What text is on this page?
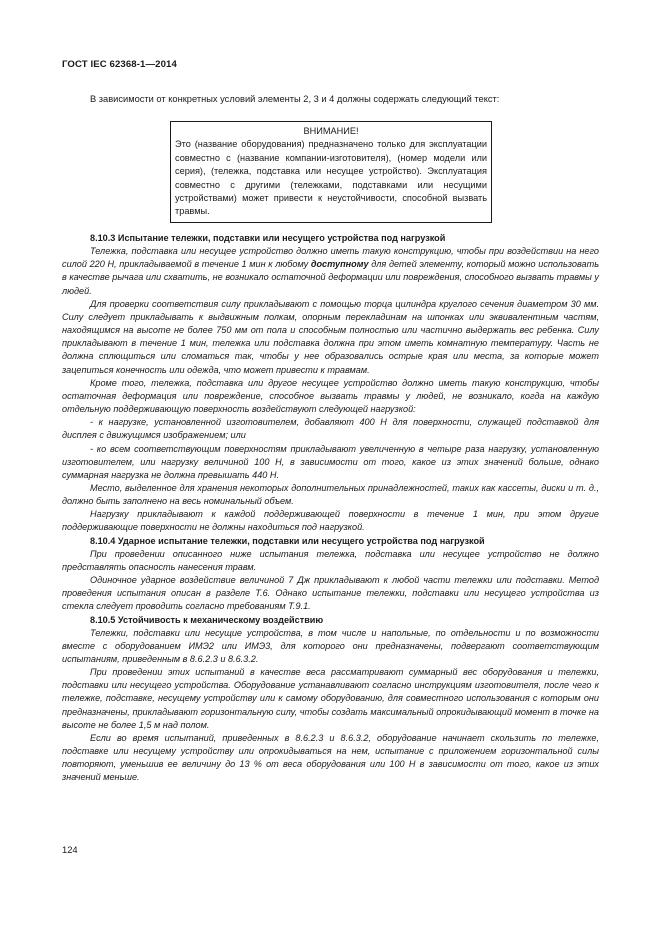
ГОСТ IEC 62368-1—2014
В зависимости от конкретных условий элементы 2, 3 и 4 должны содержать следующий текст:
ВНИМАНИЕ!
Это (название оборудования) предназначено только для эксплуатации совместно с (название компании-изготовителя), (номер модели или серия), (тележка, подставка или несущее устройство). Эксплуатация совместно с другими (тележками, подставками или несущими устройствами) может привести к неустойчивости, способной вызвать травмы.

8.10.3 Испытание тележки, подставки или несущего устройства под нагрузкой

Тележка, подставка или несущее устройство должно иметь такую конструкцию, чтобы при воздействии на него силой 220 Н, прикладываемой в течение 1 мин к любому доступному для детей элементу, который можно использовать в качестве рычага или схватить, не возникало остаточной деформации или повреждения, способного вызвать травмы у людей.

Для проверки соответствия силу прикладывают с помощью торца цилиндра круглого сечения диаметром 30 мм. Силу следует прикладывать к выдвижным полкам, опорным перекладинам на шпонках или эквивалентным частям, находящимся на высоте не более 750 мм от пола и способным полностью или частично выдержать вес ребенка. Силу прикладывают в течение 1 мин, тележка или подставка должна при этом иметь комнатную температуру. Часть не должна сплющиться или сломаться так, чтобы у нее образовались острые края или места, за которые может зацепиться конечность или одежда, что может привести к травмам.

Кроме того, тележка, подставка или другое несущее устройство должно иметь такую конструкцию, чтобы остаточная деформация или повреждение, способное вызвать травмы у людей, не возникало, когда на каждую отдельную поддерживающую поверхность воздействуют следующей нагрузкой:

- к нагрузке, установленной изготовителем, добавляют 400 Н для поверхности, служащей подставкой для дисплея с движущимся изображением; или

- ко всем соответствующим поверхностям прикладывают увеличенную в четыре раза нагрузку, установленную изготовителем, или нагрузку величиной 100 Н, в зависимости от того, какое из этих значений больше, однако суммарная нагрузка не должна превышать 440 Н.

Место, выделенное для хранения некоторых дополнительных принадлежностей, таких как кассеты, диски и т. д., должно быть заполнено на весь номинальный объем.

Нагрузку прикладывают к каждой поддерживающей поверхности в течение 1 мин, при этом другие поддерживающие поверхности не должны находиться под нагрузкой.

8.10.4 Ударное испытание тележки, подставки или несущего устройства под нагрузкой

При проведении описанного ниже испытания тележка, подставка или несущее устройство не должно представлять опасность нанесения травм.

Одиночное ударное воздействие величиной 7 Дж прикладывают к любой части тележки или подставки. Метод проведения испытания описан в разделе Т.6. Однако испытание тележки, подставки или несущего устройства из стекла следует проводить согласно требованиям Т.9.1.

8.10.5 Устойчивость к механическому воздействию

Тележки, подставки или несущие устройства, в том числе и напольные, по отдельности и по возможности вместе с оборудованием ИМЭ2 или ИМЭ3, для которого они предназначены, подвергают соответствующим испытаниям, приведенным в 8.6.2.3 и 8.6.3.2.

При проведении этих испытаний в качестве веса рассматривают суммарный вес оборудования и тележки, подставки или несущего устройства. Оборудование устанавливают согласно инструкциям изготовителя, после чего к тележке, подставке, несущему устройству или к самому оборудованию, для совместного использования с которым они предназначены, прикладывают горизонтальную силу, чтобы создать максимальный опрокидывающий момент в точке на высоте не более 1,5 м над полом.

Если во время испытаний, приведенных в 8.6.2.3 и 8.6.3.2, оборудование начинает скользить по тележке, подставке или несущему устройству или опрокидываться на нем, испытание с приложением горизонтальной силы повторяют, уменьшив ее величину до 13 % от веса оборудования или 100 Н в зависимости от того, какое из этих значений меньше.

124
